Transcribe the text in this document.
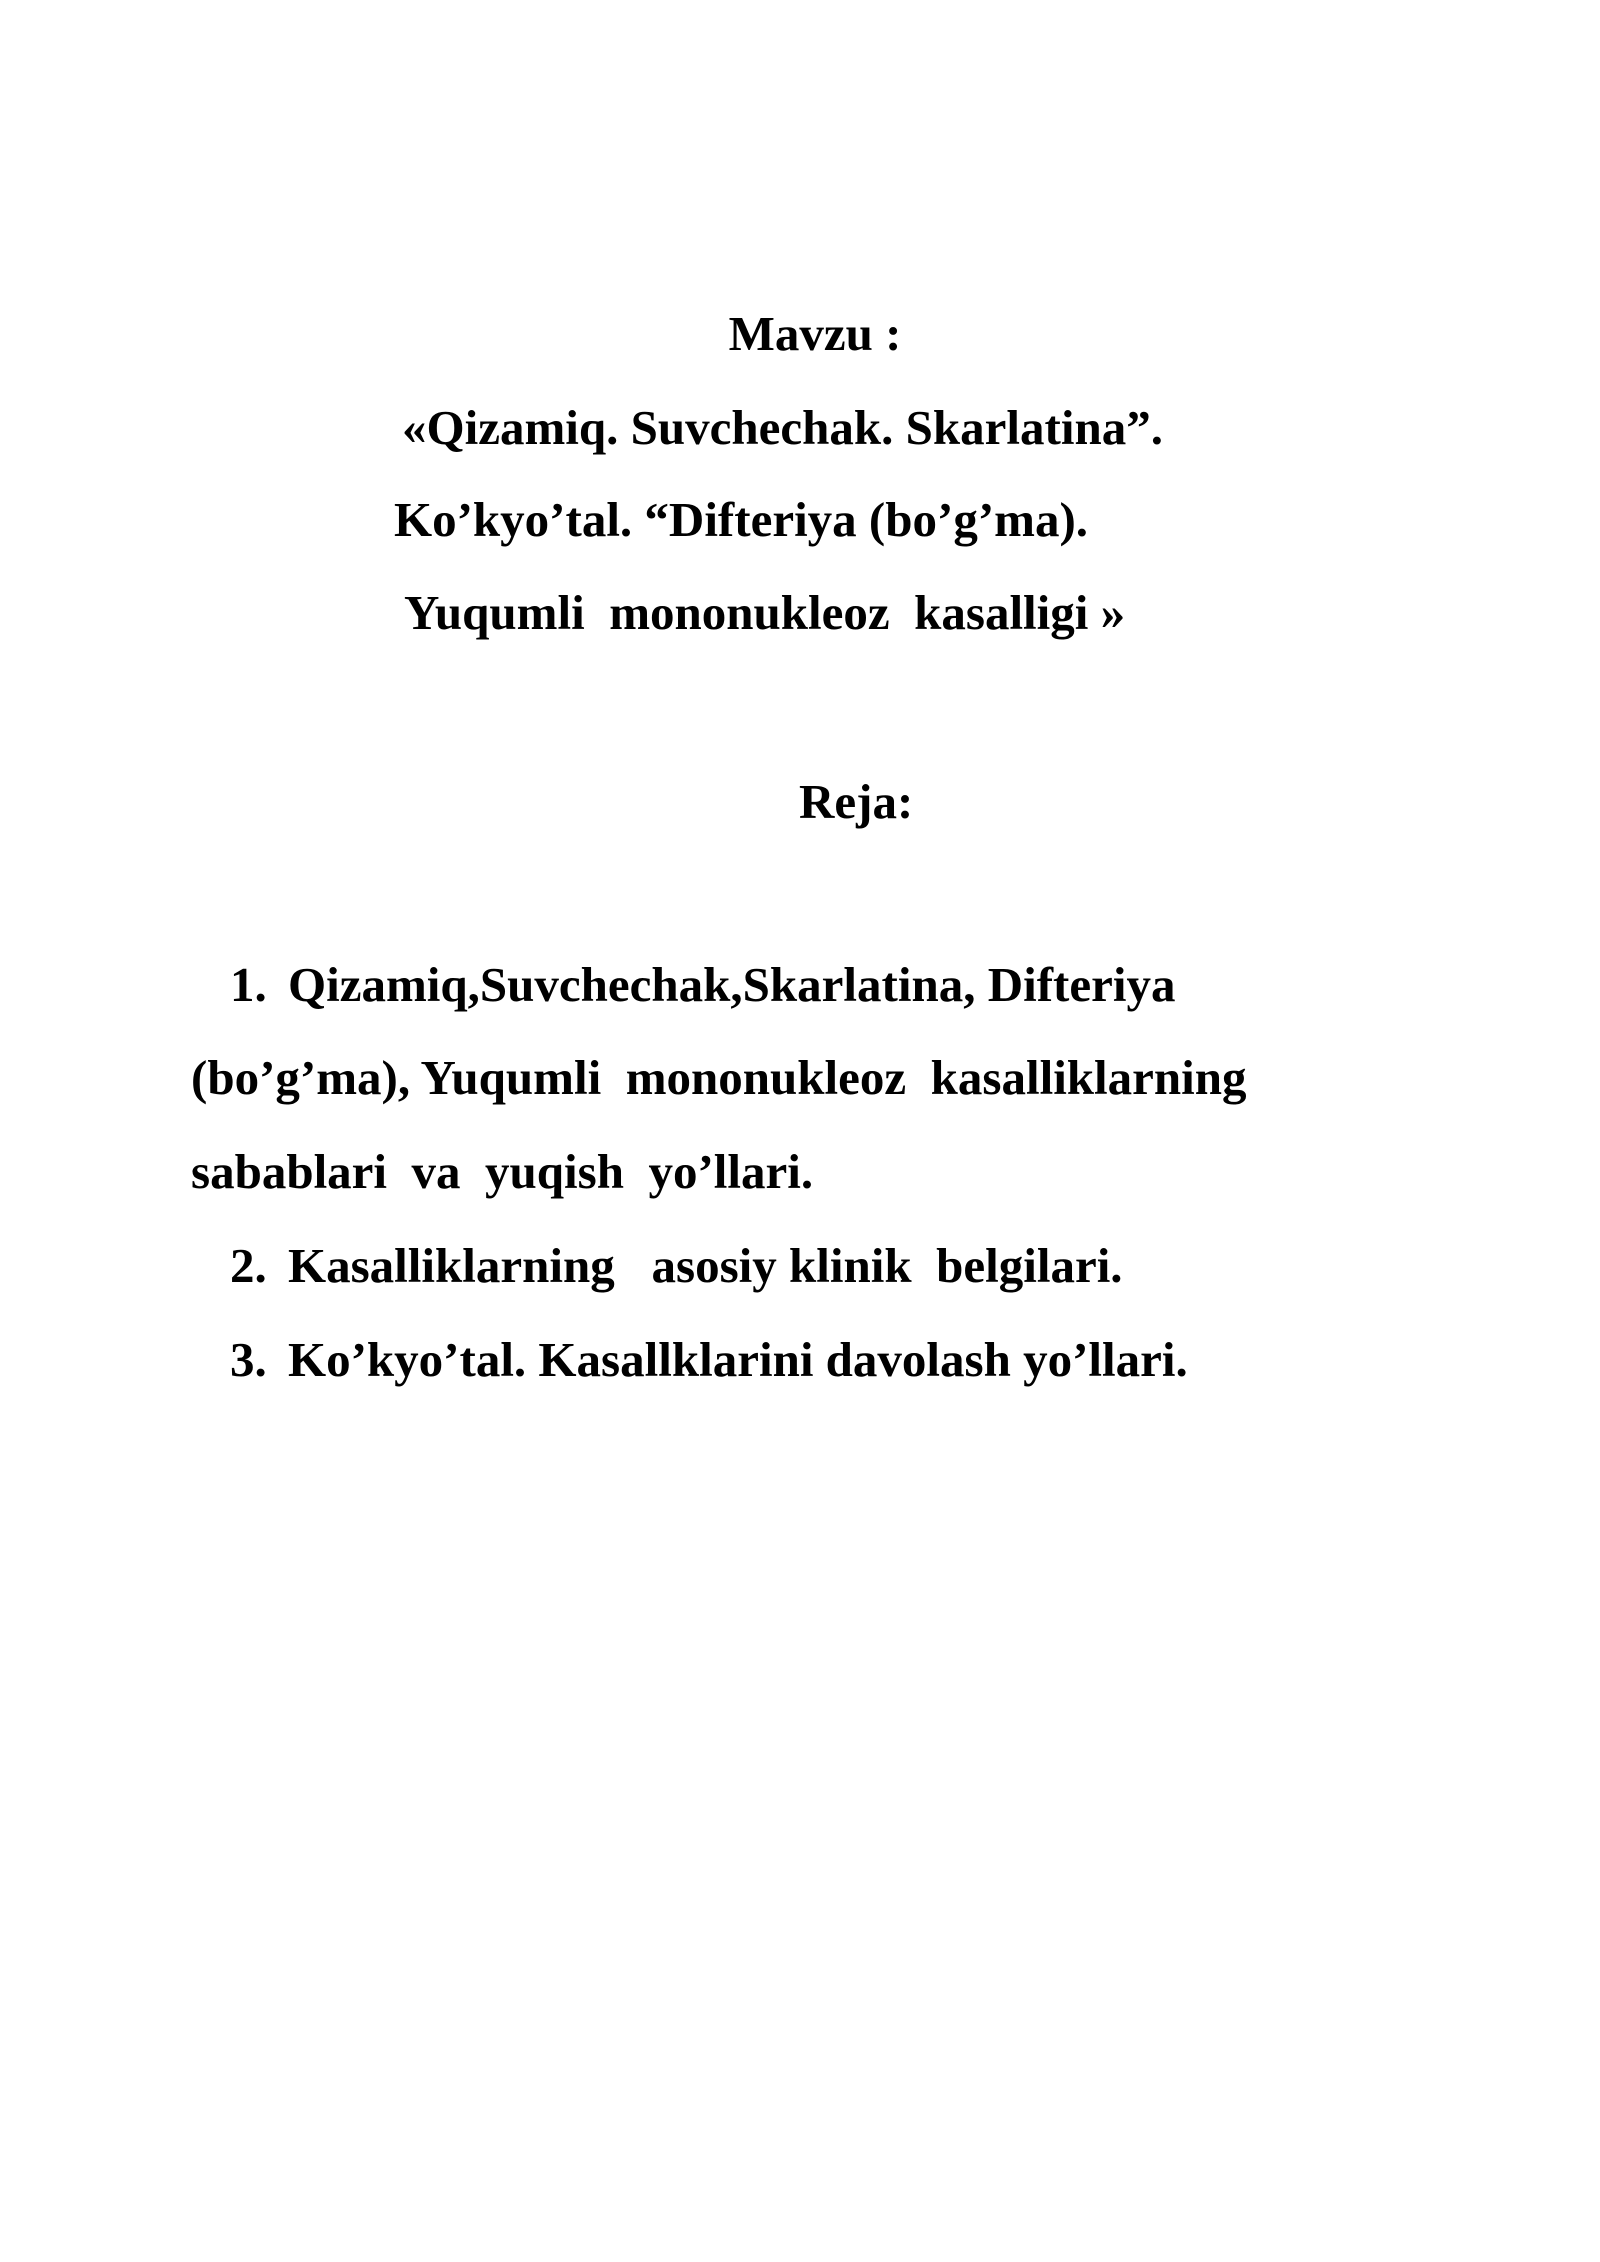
Mavzu :
«Qizamiq. Suvchechak. Skarlatina”.
Ko’kyo’tal. “Difteriya (bo’g’ma).
Yuqumli  mononukleoz  kasalligi »
Reja:
1. Qizamiq,Suvchechak,Skarlatina, Difteriya
(bo’g’ma), Yuqumli  mononukleoz  kasalliklarning
sabablari  va  yuqish  yo’llari.
2. Kasalliklarning   asosiy klinik  belgilari.
3. Ko’kyo’tal. Kasallklarini davolash yo’llari.
